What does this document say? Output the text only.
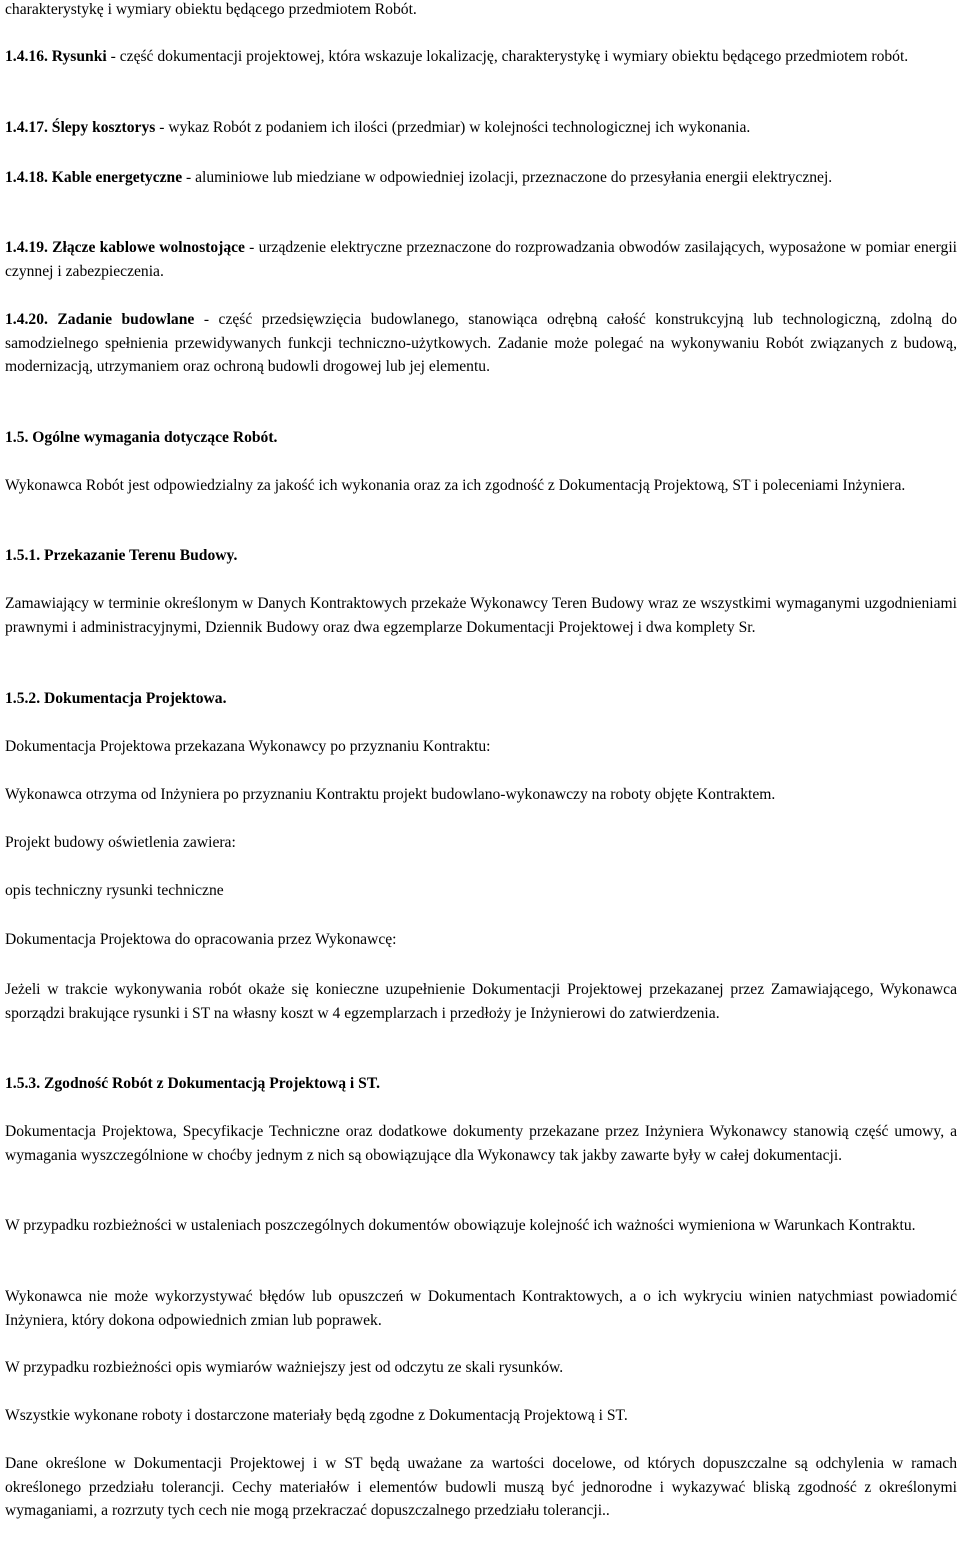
charakterystykę i wymiary obiektu będącego przedmiotem Robót.

1.4.16. Rysunki - część dokumentacji projektowej, która wskazuje lokalizację, charakterystykę i wymiary obiektu będącego przedmiotem robót.

1.4.17. Ślepy kosztorys - wykaz Robót z podaniem ich ilości (przedmiar) w kolejności technologicznej ich wykonania.

1.4.18. Kable energetyczne - aluminiowe lub miedziane w odpowiedniej izolacji, przeznaczone do przesyłania energii elektrycznej.

1.4.19. Złącze kablowe wolnostojące - urządzenie elektryczne przeznaczone do rozprowadzania obwodów zasilających, wyposażone w pomiar energii czynnej i zabezpieczenia.

1.4.20. Zadanie budowlane - część przedsięwzięcia budowlanego, stanowiąca odrębną całość konstrukcyjną lub technologiczną, zdolną do samodzielnego spełnienia przewidywanych funkcji techniczno-użytkowych. Zadanie może polegać na wykonywaniu Robót związanych z budową, modernizacją, utrzymaniem oraz ochroną budowli drogowej lub jej elementu.

1.5. Ogólne wymagania dotyczące Robót.

Wykonawca Robót jest odpowiedzialny za jakość ich wykonania oraz za ich zgodność z Dokumentacją Projektową, ST i poleceniami Inżyniera.

1.5.1. Przekazanie Terenu Budowy.

Zamawiający w terminie określonym w Danych Kontraktowych przekaże Wykonawcy Teren Budowy wraz ze wszystkimi wymaganymi uzgodnieniami prawnymi i administracyjnymi, Dziennik Budowy oraz dwa egzemplarze Dokumentacji Projektowej i dwa komplety Sr.

1.5.2. Dokumentacja Projektowa.

Dokumentacja Projektowa przekazana Wykonawcy po przyznaniu Kontraktu:

Wykonawca otrzyma od Inżyniera po przyznaniu Kontraktu projekt budowlano-wykonawczy na roboty objęte Kontraktem.

Projekt budowy oświetlenia zawiera:

opis techniczny rysunki techniczne

Dokumentacja Projektowa do opracowania przez Wykonawcę:

Jeżeli w trakcie wykonywania robót okaże się konieczne uzupełnienie Dokumentacji Projektowej przekazanej przez Zamawiającego, Wykonawca sporządzi brakujące rysunki i ST na własny koszt w 4 egzemplarzach i przedłoży je Inżynierowi do zatwierdzenia.

1.5.3. Zgodność Robót z Dokumentacją Projektową i ST.

Dokumentacja Projektowa, Specyfikacje Techniczne oraz dodatkowe dokumenty przekazane przez Inżyniera Wykonawcy stanowią część umowy, a wymagania wyszczególnione w choćby jednym z nich są obowiązujące dla Wykonawcy tak jakby zawarte były w całej dokumentacji.

W przypadku rozbieżności w ustaleniach poszczególnych dokumentów obowiązuje kolejność ich ważności wymieniona w Warunkach Kontraktu.

Wykonawca nie może wykorzystywać błędów lub opuszczeń w Dokumentach Kontraktowych, a o ich wykryciu winien natychmiast powiadomić Inżyniera, który dokona odpowiednich zmian lub poprawek.

W przypadku rozbieżności opis wymiarów ważniejszy jest od odczytu ze skali rysunków.

Wszystkie wykonane roboty i dostarczone materiały będą zgodne z Dokumentacją Projektową i ST.

Dane określone w Dokumentacji Projektowej i w ST będą uważane za wartości docelowe, od których dopuszczalne są odchylenia w ramach określonego przedziału tolerancji. Cechy materiałów i elementów budowli muszą być jednorodne i wykazywać bliską zgodność z określonymi wymaganiami, a rozrzuty tych cech nie mogą przekraczać dopuszczalnego przedziału tolerancji..
